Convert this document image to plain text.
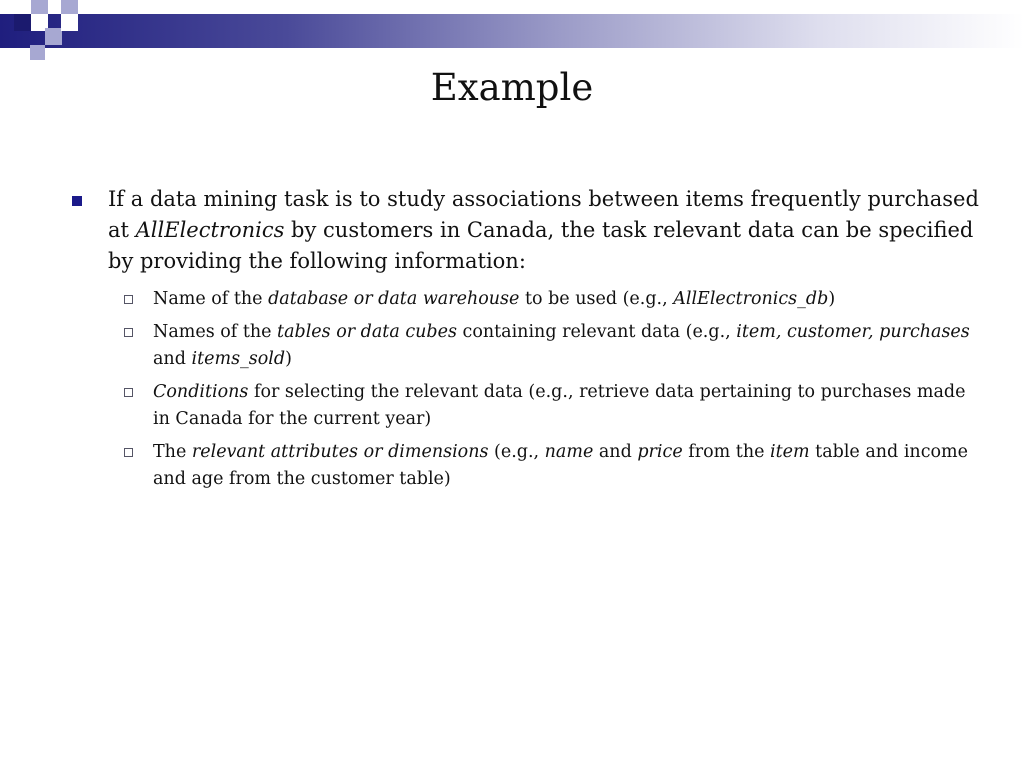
Example
If a data mining task is to study associations between items frequently purchased at AllElectronics by customers in Canada, the task relevant data can be specified by providing the following information:
Name of the database or data warehouse to be used (e.g., AllElectronics_db)
Names of the tables or data cubes containing relevant data (e.g., item, customer, purchases and items_sold)
Conditions for selecting the relevant data (e.g., retrieve data pertaining to purchases made in Canada for the current year)
The relevant attributes or dimensions (e.g., name and price from the item table and income and age from the customer table)
